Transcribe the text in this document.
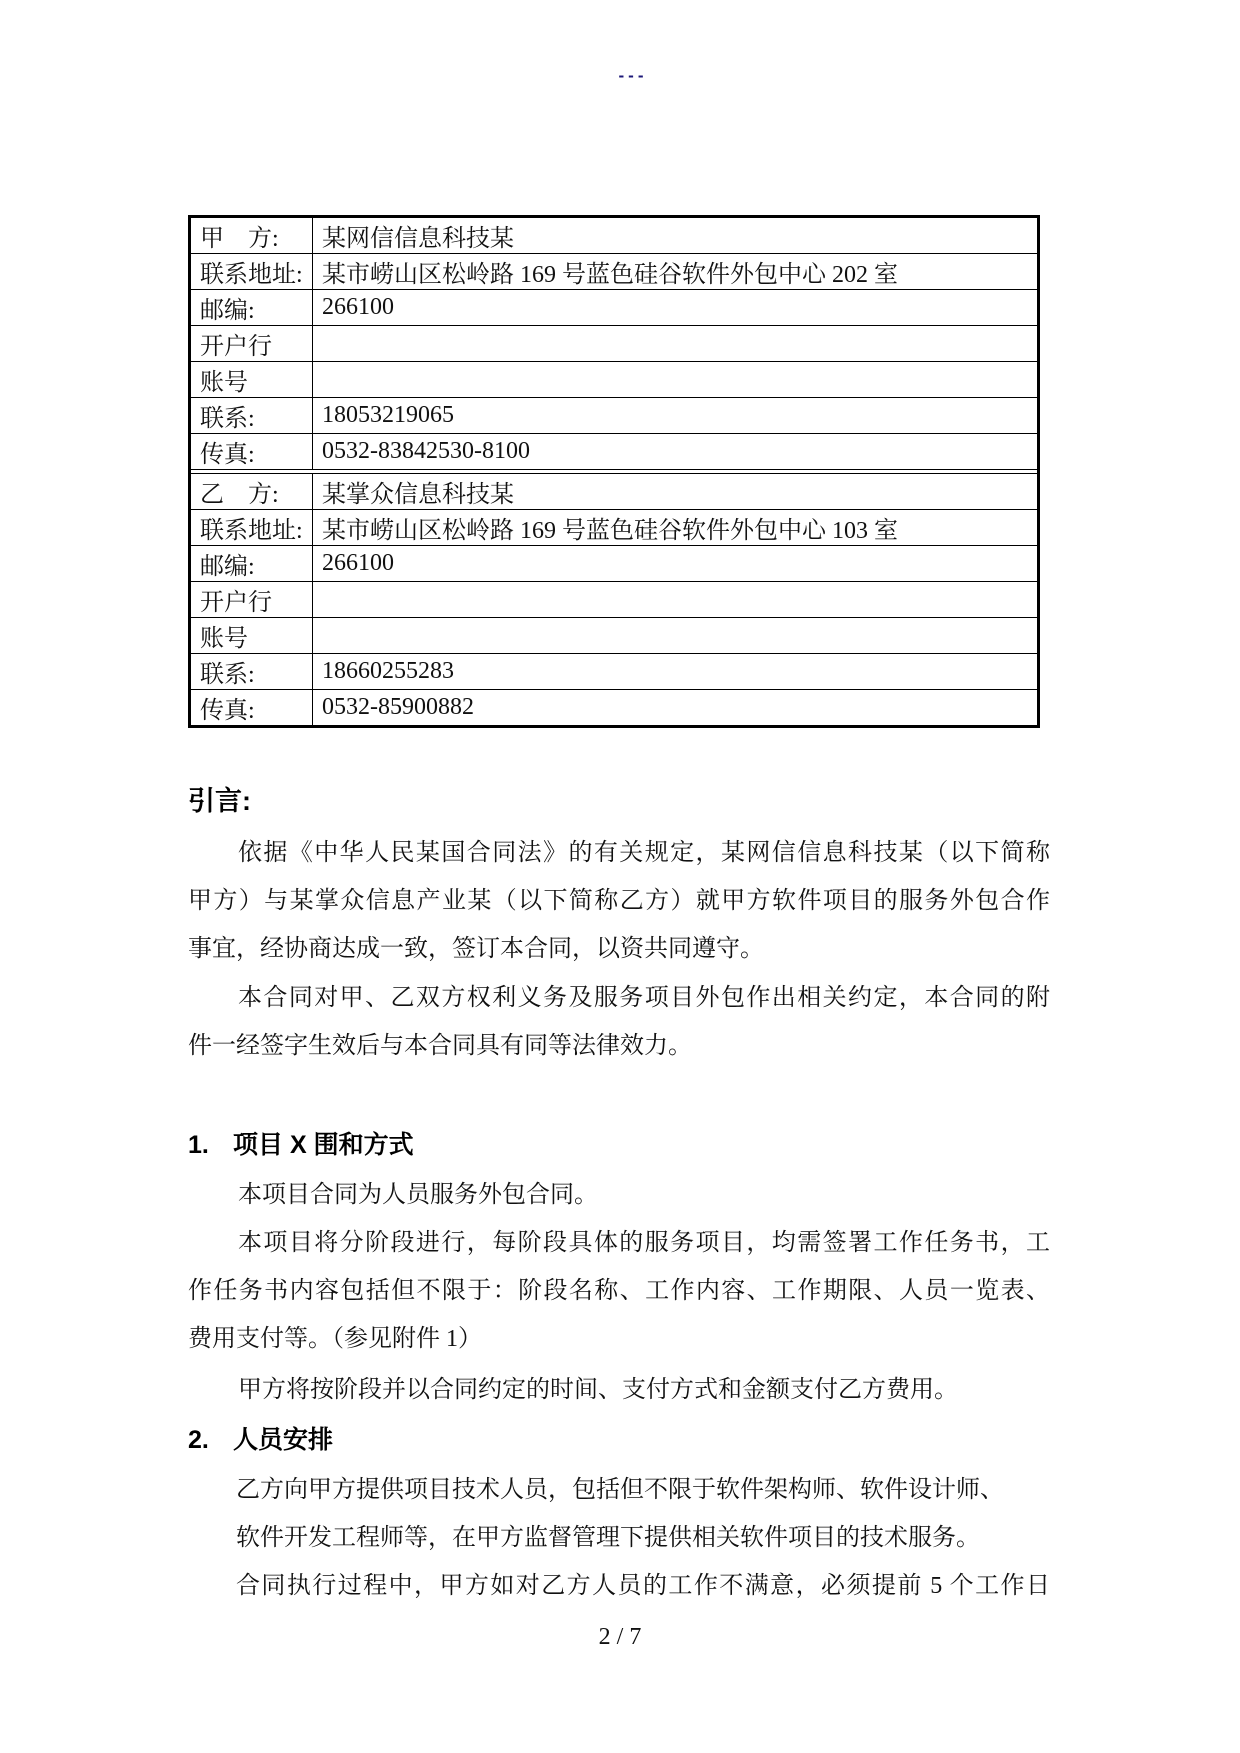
---
甲　方:	某网信信息科技某
联系地址: 某市崂山区松岭路 169 号蓝色硅谷软件外包中心 202 室
邮编:	266100
开户行
账号
联系:	18053219065
传真:	0532-83842530-8100
乙　方:	某掌众信息科技某
联系地址: 某市崂山区松岭路 169 号蓝色硅谷软件外包中心 103 室
邮编:	266100
开户行
账号
联系:	18660255283
传真:	0532-85900882
引言:
依据《中华人民某国合同法》的有关规定，某网信信息科技某（以下简称
甲方）与某掌众信息产业某（以下简称乙方）就甲方软件项目的服务外包合作
事宜，经协商达成一致，签订本合同，以资共同遵守。
本合同对甲、乙双方权利义务及服务项目外包作出相关约定，本合同的附
件一经签字生效后与本合同具有同等法律效力。
1. 项目 X 围和方式
本项目合同为人员服务外包合同。
本项目将分阶段进行，每阶段具体的服务项目，均需签署工作任务书，工
作任务书内容包括但不限于：阶段名称、工作内容、工作期限、人员一览表、
费用支付等。（参见附件 1）
甲方将按阶段并以合同约定的时间、支付方式和金额支付乙方费用。
2. 人员安排
乙方向甲方提供项目技术人员，包括但不限于软件架构师、软件设计师、
软件开发工程师等，在甲方监督管理下提供相关软件项目的技术服务。
合同执行过程中，甲方如对乙方人员的工作不满意，必须提前 5 个工作日
2 / 7
